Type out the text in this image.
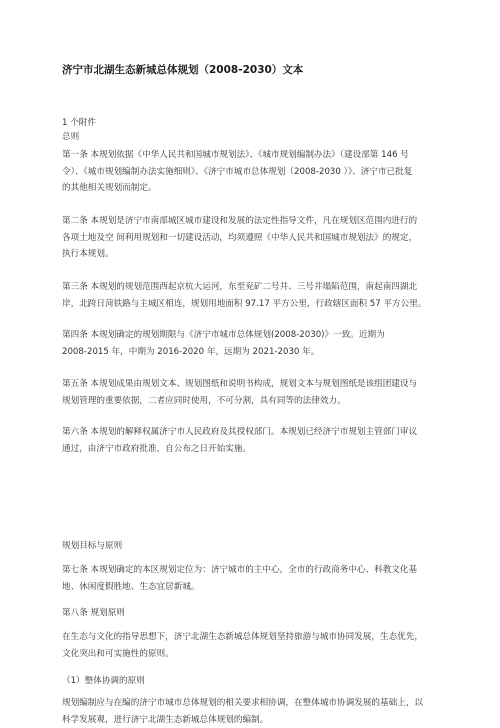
济宁市北湖生态新城总体规划（2008-2030）文本
1 个附件
总则
第一条 本规划依据《中华人民共和国城市规划法》、《城市规划编制办法》（建设部第 146 号
令）、《城市规划编制办法实施细则》、《济宁市城市总体规划（2008-2030 ）》、济宁市已批复
的其他相关规划而制定。
第二条 本规划是济宁市南部城区城市建设和发展的法定性指导文件，凡在规划区范围内进行的
各项土地及空 间利用规划和一切建设活动，均须遵照《中华人民共和国城市规划法》的规定，
执行本规划。
第三条 本规划的规划范围西起京杭大运河，东至兖矿二号井、三号井塌陷范围，南起南四湖北
岸，北跨日菏铁路与主城区相连，规划用地面积 97.17 平方公里，行政辖区面积 57 平方公里。
第四条 本规划确定的规划期限与《济宁市城市总体规划(2008-2030)》一致。近期为
2008-2015 年，中期为 2016-2020 年，远期为 2021-2030 年。
第五条 本规划成果由规划文本、规划图纸和说明书构成，规划文本与规划图纸是该组团建设与
规划管理的重要依据，二者应同时使用，不可分割，具有同等的法律效力。
第六条 本规划的解释权属济宁市人民政府及其授权部门。本规划已经济宁市规划主管部门审议
通过，由济宁市政府批准，自公布之日开始实施。
规划目标与原则
第七条 本规划确定的本区规划定位为：济宁城市的主中心，全市的行政商务中心、科教文化基
地、休闲度假胜地、生态宜居新城。
第八条 规划原则
在生态与文化的指导思想下，济宁北湖生态新城总体规划坚持旅游与城市协同发展，生态优先，
文化突出和可实施性的原则。
（1）整体协调的原则
规划编制应与在编的济宁市城市总体规划的相关要求相协调，在整体城市协调发展的基础上，以
科学发展观，进行济宁北湖生态新城总体规划的编制。
